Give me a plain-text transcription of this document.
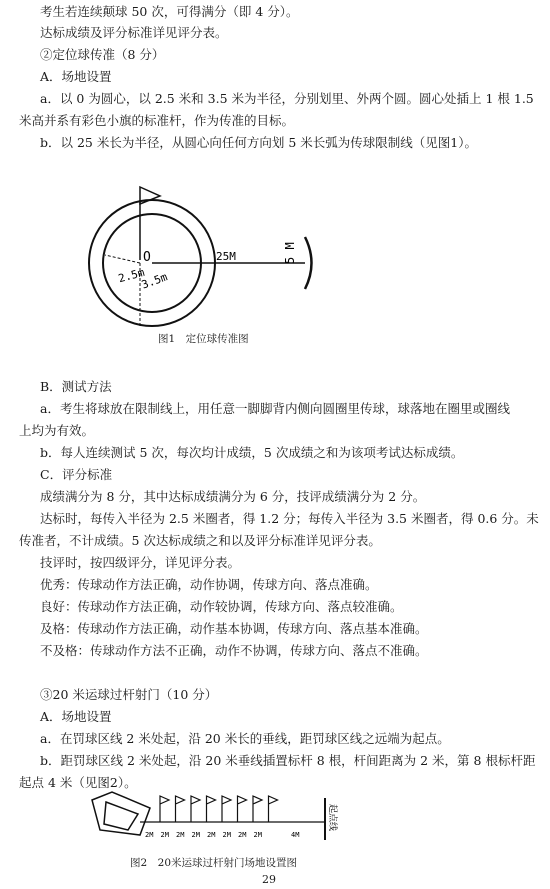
考生若连续颠球 50 次，可得满分（即 4 分）。
达标成绩及评分标准详见评分表。
②定位球传准（8 分）
A．场地设置
a．以 0 为圆心，以 2.5 米和 3.5 米为半径，分别划里、外两个圆。圆心处插上 1 根 1.5
米高并系有彩色小旗的标准杆，作为传准的目标。
b．以 25 米长为半径，从圆心向任何方向划 5 米长弧为传球限制线（见图1）。
O
2.5m
3.5m
25M	5 M
图1　定位球传准图
B．测试方法
a．考生将球放在限制线上，用任意一脚脚背内侧向圆圈里传球，球落地在圈里或圈线
上均为有效。
b．每人连续测试 5 次，每次均计成绩，5 次成绩之和为该项考试达标成绩。
C．评分标准
成绩满分为 8 分，其中达标成绩满分为 6 分，技评成绩满分为 2 分。
达标时，每传入半径为 2.5 米圈者，得 1.2 分；每传入半径为 3.5 米圈者，得 0.6 分。未
传准者，不计成绩。5 次达标成绩之和以及评分标准详见评分表。
技评时，按四级评分，详见评分表。
优秀：传球动作方法正确，动作协调，传球方向、落点准确。
良好：传球动作方法正确，动作较协调，传球方向、落点较准确。
及格：传球动作方法正确，动作基本协调，传球方向、落点基本准确。
不及格：传球动作方法不正确，动作不协调，传球方向、落点不准确。
③20 米运球过杆射门（10 分）
A．场地设置
a．在罚球区线 2 米处起，沿 20 米长的垂线，距罚球区线之远端为起点。
b．距罚球区线 2 米处起，沿 20 米垂线插置标杆 8 根，杆间距离为 2 米，第 8 根标杆距
起点 4 米（见图2）。
4M
起点线
2M 2M 2M 2M 2M 2M 2M 2M
图2　20米运球过杆射门场地设置图
29
